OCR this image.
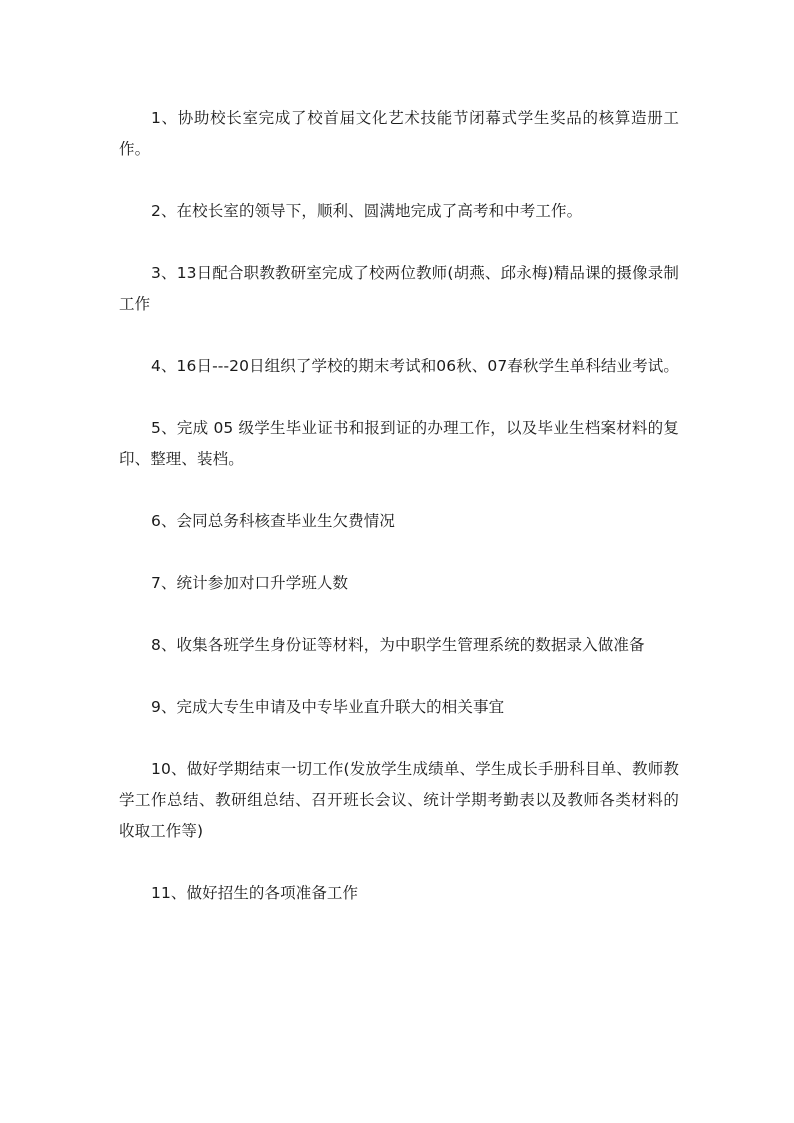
1、协助校长室完成了校首届文化艺术技能节闭幕式学生奖品的核算造册工作。

2、在校长室的领导下，顺利、圆满地完成了高考和中考工作。

3、13日配合职教教研室完成了校两位教师(胡燕、邱永梅)精品课的摄像录制工作

4、16日---20日组织了学校的期末考试和06秋、07春秋学生单科结业考试。

5、完成 05 级学生毕业证书和报到证的办理工作，以及毕业生档案材料的复印、整理、装档。

6、会同总务科核查毕业生欠费情况

7、统计参加对口升学班人数

8、收集各班学生身份证等材料，为中职学生管理系统的数据录入做准备

9、完成大专生申请及中专毕业直升联大的相关事宜

10、做好学期结束一切工作(发放学生成绩单、学生成长手册科目单、教师教学工作总结、教研组总结、召开班长会议、统计学期考勤表以及教师各类材料的收取工作等)

11、做好招生的各项准备工作
